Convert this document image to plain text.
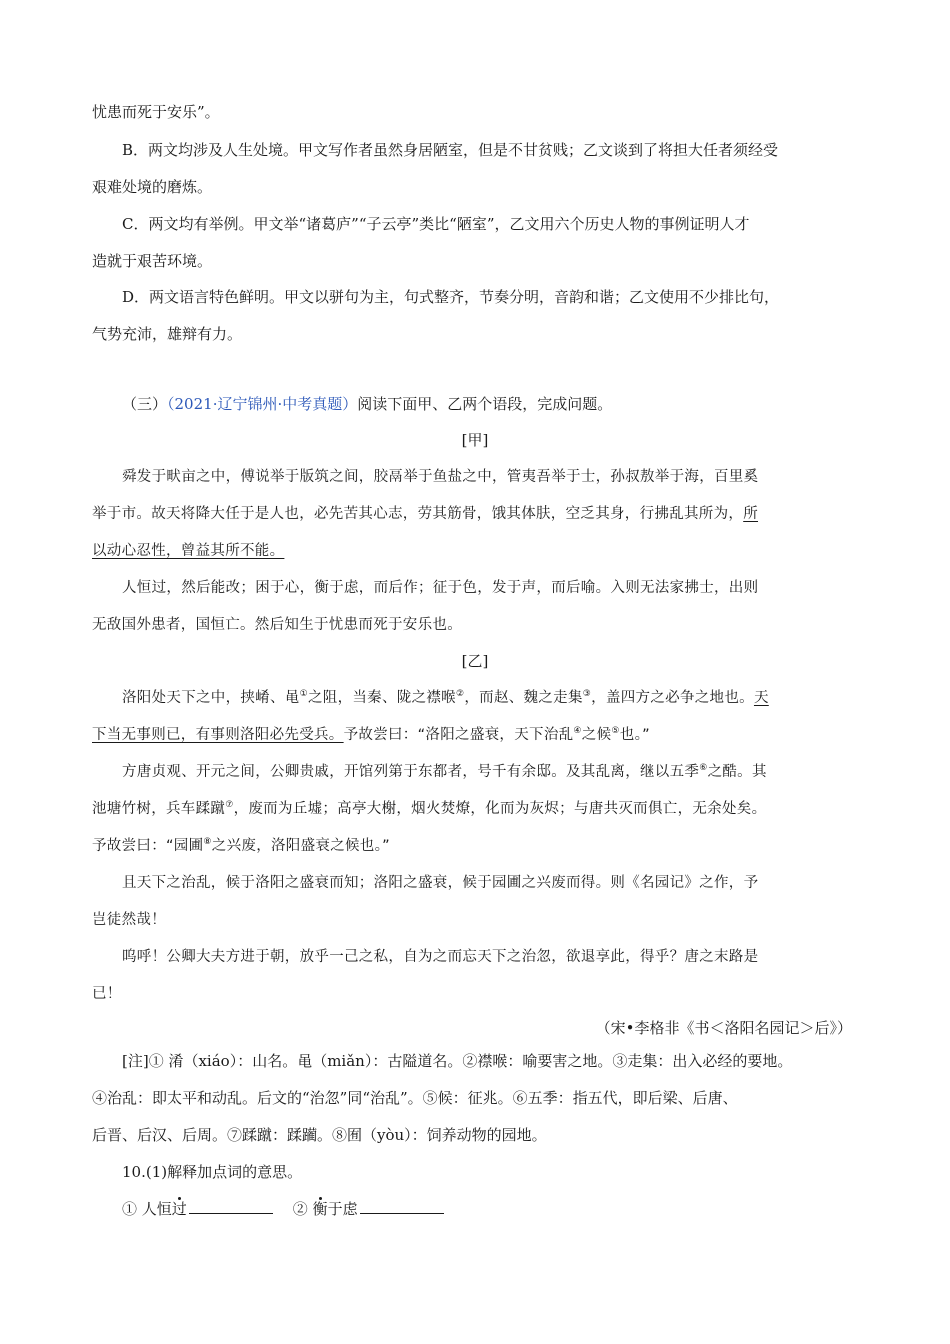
忧患而死于安乐”。
B．两文均涉及人生处境。甲文写作者虽然身居陋室，但是不甘贫贱；乙文谈到了将担大任者须经受
艰难处境的磨炼。
C．两文均有举例。甲文举“诸葛庐”“子云亭”类比“陋室”，乙文用六个历史人物的事例证明人才
造就于艰苦环境。
D．两文语言特色鲜明。甲文以骈句为主，句式整齐，节奏分明，音韵和谐；乙文使用不少排比句，
气势充沛，雄辩有力。
（三）（2021·辽宁锦州·中考真题）阅读下面甲、乙两个语段，完成问题。
[甲]
舜发于畎亩之中，傅说举于版筑之间，胶鬲举于鱼盐之中，管夷吾举于士，孙叔敖举于海，百里奚
举于市。故天将降大任于是人也，必先苦其心志，劳其筋骨，饿其体肤，空乏其身，行拂乱其所为，所
以动心忍性，曾益其所不能。
人恒过，然后能改；困于心，衡于虑，而后作；征于色，发于声，而后喻。入则无法家拂士，出则
无敌国外患者，国恒亡。然后知生于忧患而死于安乐也。
[乙]
洛阳处天下之中，挟崤、黾①之阻，当秦、陇之襟喉②，而赵、魏之走集③，盖四方之必争之地也。天
下当无事则已，有事则洛阳必先受兵。予故尝曰：“洛阳之盛衰，天下治乱④之候⑤也。”
方唐贞观、开元之间，公卿贵戚，开馆列第于东都者，号千有余邸。及其乱离，继以五季⑥之酷。其
池塘竹树，兵车蹂蹴⑦，废而为丘墟；高亭大榭，烟火焚燎，化而为灰烬；与唐共灭而俱亡，无余处矣。
予故尝曰：“园圃⑧之兴废，洛阳盛衰之候也。”
且天下之治乱，候于洛阳之盛衰而知；洛阳之盛衰，候于园圃之兴废而得。则《名园记》之作，予
岂徒然哉！
呜呼！公卿大夫方进于朝，放乎一己之私，自为之而忘天下之治忽，欲退享此，得乎？唐之末路是
已！
（宋•李格非《书＜洛阳名园记＞后》）
[注]① 淆（xiáo）：山名。黾（miǎn）：古隘道名。②襟喉：喻要害之地。③走集：出入必经的要地。
④治乱：即太平和动乱。后文的“治忽”同“治乱”。⑤候：征兆。⑥五季：指五代，即后梁、后唐、
后晋、后汉、后周。⑦蹂蹴：蹂躏。⑧囿（yòu）：饲养动物的园地。
10.(1)解释加点词的意思。
① 人恒过	② 衡于虑
